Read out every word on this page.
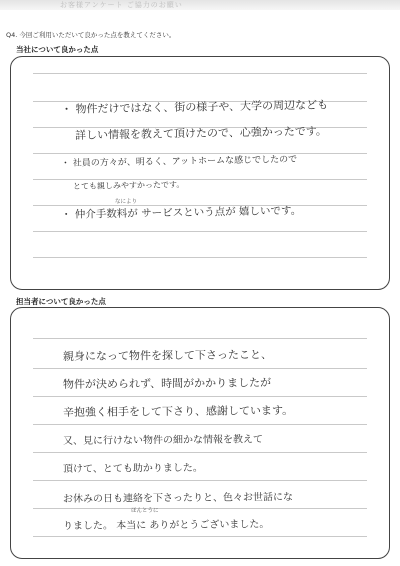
お客様アンケート ご協力のお願い
Q4. 今回ご利用いただいて良かった点を教えてください。
当社について良かった点
・ 物件だけではなく、街の様子や、大学の周辺なども
詳しい情報を教えて頂けたので、心強かったです。
・ 社員の方々が、明るく、アットホームな感じでしたので
とても親しみやすかったです。
なにより
・ 仲介手数料が サービスという点が 嬉しいです。
担当者について良かった点
親身になって物件を探して下さったこと、
物件が決められず、時間がかかりましたが
辛抱強く相手をして下さり、感謝しています。
又、見に行けない物件の細かな情報を教えて
頂けて、とても助かりました。
お休みの日も連絡を下さったりと、色々お世話にな
ほんとうに
りました。 本当に ありがとうございました。
